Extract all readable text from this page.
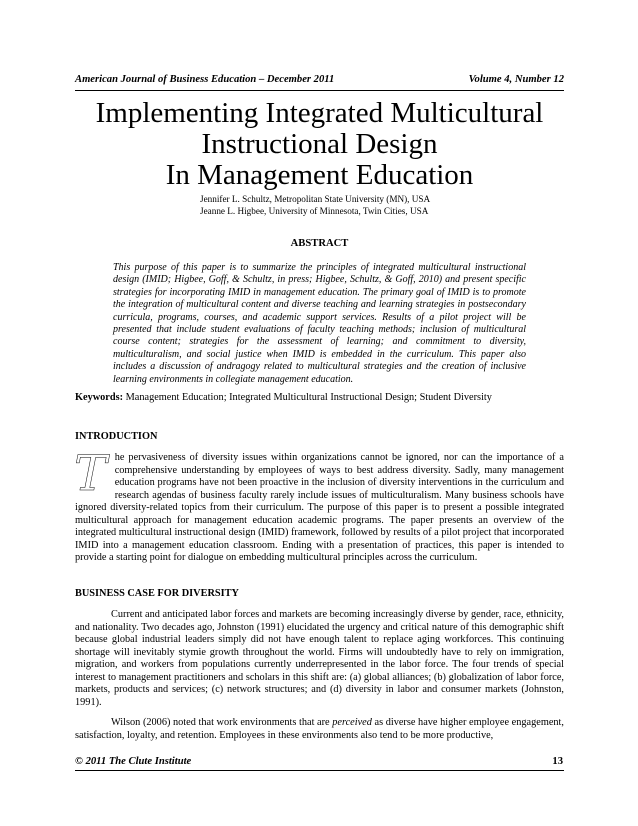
American Journal of Business Education – December 2011	Volume 4, Number 12
Implementing Integrated Multicultural
Instructional Design
In Management Education
Jennifer L. Schultz, Metropolitan State University (MN), USA
Jeanne L. Higbee, University of Minnesota, Twin Cities, USA
ABSTRACT
This purpose of this paper is to summarize the principles of integrated multicultural instructional design (IMID; Higbee, Goff, & Schultz, in press; Higbee, Schultz, & Goff, 2010) and present specific strategies for incorporating IMID in management education. The primary goal of IMID is to promote the integration of multicultural content and diverse teaching and learning strategies in postsecondary curricula, programs, courses, and academic support services. Results of a pilot project will be presented that include student evaluations of faculty teaching methods; inclusion of multicultural course content; strategies for the assessment of learning; and commitment to diversity, multiculturalism, and social justice when IMID is embedded in the curriculum. This paper also includes a discussion of andragogy related to multicultural strategies and the creation of inclusive learning environments in collegiate management education.
Keywords: Management Education; Integrated Multicultural Instructional Design; Student Diversity
INTRODUCTION
The pervasiveness of diversity issues within organizations cannot be ignored, nor can the importance of a comprehensive understanding by employees of ways to best address diversity. Sadly, many management education programs have not been proactive in the inclusion of diversity interventions in the curriculum and research agendas of business faculty rarely include issues of multiculturalism. Many business schools have ignored diversity-related topics from their curriculum. The purpose of this paper is to present a possible integrated multicultural approach for management education academic programs. The paper presents an overview of the integrated multicultural instructional design (IMID) framework, followed by results of a pilot project that incorporated IMID into a management education classroom. Ending with a presentation of practices, this paper is intended to provide a starting point for dialogue on embedding multicultural principles across the curriculum.
BUSINESS CASE FOR DIVERSITY
Current and anticipated labor forces and markets are becoming increasingly diverse by gender, race, ethnicity, and nationality. Two decades ago, Johnston (1991) elucidated the urgency and critical nature of this demographic shift because global industrial leaders simply did not have enough talent to replace aging workforces. This continuing shortage will inevitably stymie growth throughout the world. Firms will undoubtedly have to rely on immigration, migration, and workers from populations currently underrepresented in the labor force. The four trends of special interest to management practitioners and scholars in this shift are: (a) global alliances; (b) globalization of labor force, markets, products and services; (c) network structures; and (d) diversity in labor and consumer markets (Johnston, 1991).
Wilson (2006) noted that work environments that are perceived as diverse have higher employee engagement, satisfaction, loyalty, and retention. Employees in these environments also tend to be more productive,
© 2011 The Clute Institute	13
